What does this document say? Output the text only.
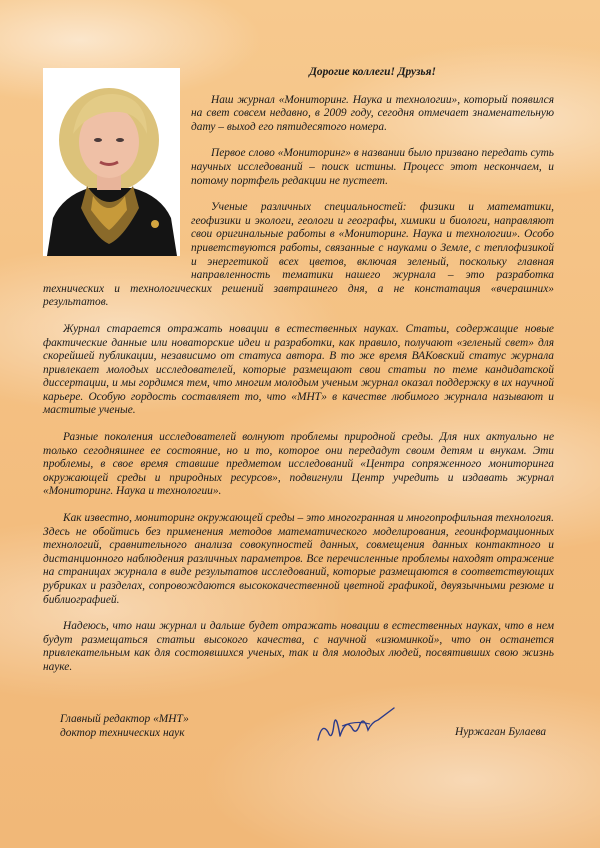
Дорогие коллеги! Друзья!

Наш журнал «Мониторинг. Наука и технологии», который появился на свет совсем недавно, в 2009 году, сегодня отмечает знаменательную дату – выход его пятидесятого номера.

Первое слово «Мониторинг» в названии было призвано передать суть научных исследований – поиск истины. Процесс этот нескончаем, и потому портфель редакции не пустеет.

Ученые различных специальностей: физики и математики, геофизики и экологи, геологи и географы, химики и биологи, направляют свои оригинальные работы в «Мониторинг. Наука и технологии». Особо приветствуются работы, связанные с науками о Земле, с теплофизикой и энергетикой всех цветов, включая зеленый, поскольку главная направленность тематики нашего журнала – это разработка технических и технологических решений завтрашнего дня, а не констатация «вчерашних» результатов.

Журнал старается отражать новации в естественных науках. Статьи, содержащие новые фактические данные или новаторские идеи и разработки, как правило, получают «зеленый свет» для скорейшей публикации, независимо от статуса автора. В то же время ВАКовский статус журнала привлекает молодых исследователей, которые размещают свои статьи по теме кандидатской диссертации, и мы гордимся тем, что многим молодым ученым журнал оказал поддержку в их научной карьере. Особую гордость составляет то, что «МНТ» в качестве любимого журнала называют и маститые ученые.

Разные поколения исследователей волнуют проблемы природной среды. Для них актуально не только сегодняшнее ее состояние, но и то, которое они передадут своим детям и внукам. Эти проблемы, в свое время ставшие предметом исследований «Центра сопряженного мониторинга окружающей среды и природных ресурсов», подвигнули Центр учредить и издавать журнал «Мониторинг. Наука и технологии».

Как известно, мониторинг окружающей среды – это многогранная и многопрофильная технология. Здесь не обойтись без применения методов математического моделирования, геоинформационных технологий, сравнительного анализа совокупностей данных, совмещения данных контактного и дистанционного наблюдения различных параметров. Все перечисленные проблемы находят отражение на страницах журнала в виде результатов исследований, которые размещаются в соответствующих рубриках и разделах, сопровождаются высококачественной цветной графикой, двуязычными резюме и библиографией.

Надеюсь, что наш журнал и дальше будет отражать новации в естественных науках, что в нем будут размещаться статьи высокого качества, с научной «изюминкой», что он останется привлекательным как для состоявшихся ученых, так и для молодых людей, посвятивших свою жизнь науке.

Главный редактор «МНТ»
доктор технических наук	Нуржаган Булаева
